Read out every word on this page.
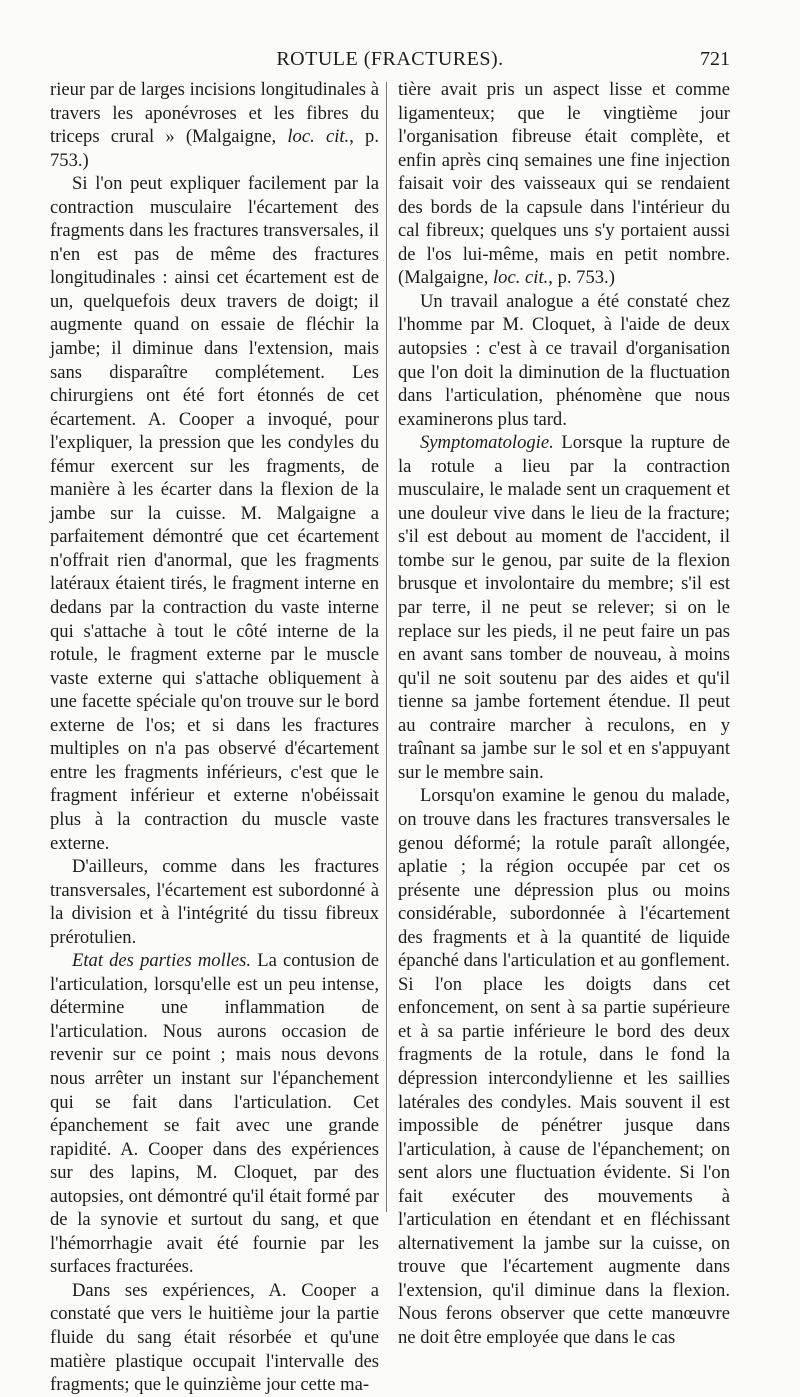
ROTULE (FRACTURES).	721

rieur par de larges incisions longitudinales à travers les aponévroses et les fibres du triceps crural » (Malgaigne, loc. cit., p. 753.)

Si l'on peut expliquer facilement par la contraction musculaire l'écartement des fragments dans les fractures transversales, il n'en est pas de même des fractures longitudinales : ainsi cet écartement est de un, quelquefois deux travers de doigt; il augmente quand on essaie de fléchir la jambe; il diminue dans l'extension, mais sans disparaître complétement. Les chirurgiens ont été fort étonnés de cet écartement. A. Cooper a invoqué, pour l'expliquer, la pression que les condyles du fémur exercent sur les fragments, de manière à les écarter dans la flexion de la jambe sur la cuisse. M. Malgaigne a parfaitement démontré que cet écartement n'offrait rien d'anormal, que les fragments latéraux étaient tirés, le fragment interne en dedans par la contraction du vaste interne qui s'attache à tout le côté interne de la rotule, le fragment externe par le muscle vaste externe qui s'attache obliquement à une facette spéciale qu'on trouve sur le bord externe de l'os; et si dans les fractures multiples on n'a pas observé d'écartement entre les fragments inférieurs, c'est que le fragment inférieur et externe n'obéissait plus à la contraction du muscle vaste externe.

D'ailleurs, comme dans les fractures transversales, l'écartement est subordonné à la division et à l'intégrité du tissu fibreux prérotulien.

Etat des parties molles. La contusion de l'articulation, lorsqu'elle est un peu intense, détermine une inflammation de l'articulation. Nous aurons occasion de revenir sur ce point ; mais nous devons nous arrêter un instant sur l'épanchement qui se fait dans l'articulation. Cet épanchement se fait avec une grande rapidité. A. Cooper dans des expériences sur des lapins, M. Cloquet, par des autopsies, ont démontré qu'il était formé par de la synovie et surtout du sang, et que l'hémorrhagie avait été fournie par les surfaces fracturées.

Dans ses expériences, A. Cooper a constaté que vers le huitième jour la partie fluide du sang était résorbée et qu'une matière plastique occupait l'intervalle des fragments; que le quinzième jour cette ma-

tière avait pris un aspect lisse et comme ligamenteux; que le vingtième jour l'organisation fibreuse était complète, et enfin après cinq semaines une fine injection faisait voir des vaisseaux qui se rendaient des bords de la capsule dans l'intérieur du cal fibreux; quelques uns s'y portaient aussi de l'os lui-même, mais en petit nombre. (Malgaigne, loc. cit., p. 753.)

Un travail analogue a été constaté chez l'homme par M. Cloquet, à l'aide de deux autopsies : c'est à ce travail d'organisation que l'on doit la diminution de la fluctuation dans l'articulation, phénomène que nous examinerons plus tard.

Symptomatologie. Lorsque la rupture de la rotule a lieu par la contraction musculaire, le malade sent un craquement et une douleur vive dans le lieu de la fracture; s'il est debout au moment de l'accident, il tombe sur le genou, par suite de la flexion brusque et involontaire du membre; s'il est par terre, il ne peut se relever; si on le replace sur les pieds, il ne peut faire un pas en avant sans tomber de nouveau, à moins qu'il ne soit soutenu par des aides et qu'il tienne sa jambe fortement étendue. Il peut au contraire marcher à reculons, en y traînant sa jambe sur le sol et en s'appuyant sur le membre sain.

Lorsqu'on examine le genou du malade, on trouve dans les fractures transversales le genou déformé; la rotule paraît allongée, aplatie ; la région occupée par cet os présente une dépression plus ou moins considérable, subordonnée à l'écartement des fragments et à la quantité de liquide épanché dans l'articulation et au gonflement. Si l'on place les doigts dans cet enfoncement, on sent à sa partie supérieure et à sa partie inférieure le bord des deux fragments de la rotule, dans le fond la dépression intercondylienne et les saillies latérales des condyles. Mais souvent il est impossible de pénétrer jusque dans l'articulation, à cause de l'épanchement; on sent alors une fluctuation évidente. Si l'on fait exécuter des mouvements à l'articulation en étendant et en fléchissant alternativement la jambe sur la cuisse, on trouve que l'écartement augmente dans l'extension, qu'il diminue dans la flexion. Nous ferons observer que cette manœuvre ne doit être employée que dans le cas
